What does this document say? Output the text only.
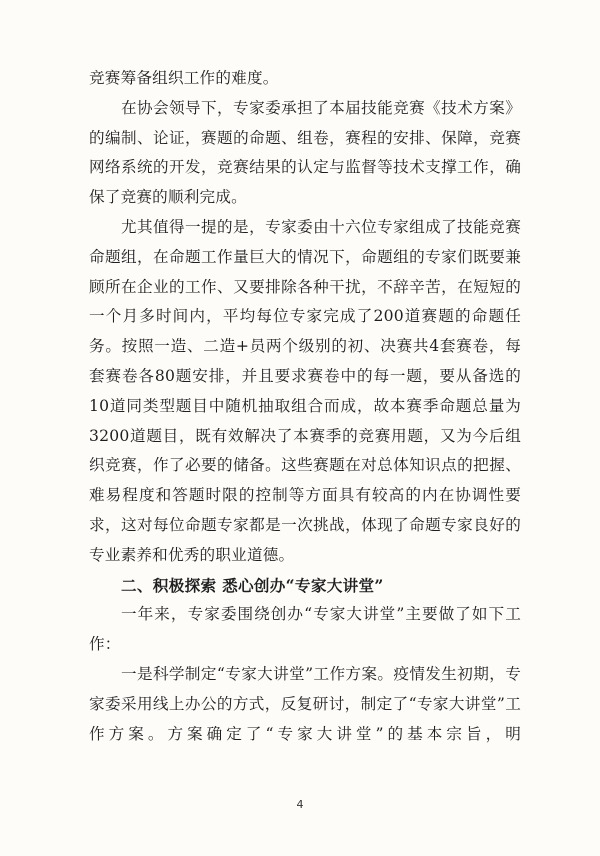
竞赛筹备组织工作的难度。

在协会领导下，专家委承担了本届技能竞赛《技术方案》的编制、论证，赛题的命题、组卷，赛程的安排、保障，竞赛网络系统的开发，竞赛结果的认定与监督等技术支撑工作，确保了竞赛的顺利完成。

尤其值得一提的是，专家委由十六位专家组成了技能竞赛命题组，在命题工作量巨大的情况下，命题组的专家们既要兼顾所在企业的工作、又要排除各种干扰，不辞辛苦，在短短的一个月多时间内，平均每位专家完成了200道赛题的命题任务。按照一造、二造+员两个级别的初、决赛共4套赛卷，每套赛卷各80题安排，并且要求赛卷中的每一题，要从备选的10道同类型题目中随机抽取组合而成，故本赛季命题总量为3200道题目，既有效解决了本赛季的竞赛用题，又为今后组织竞赛，作了必要的储备。这些赛题在对总体知识点的把握、难易程度和答题时限的控制等方面具有较高的内在协调性要求，这对每位命题专家都是一次挑战，体现了命题专家良好的专业素养和优秀的职业道德。

二、积极探索 悉心创办“专家大讲堂”

一年来，专家委围绕创办“专家大讲堂”主要做了如下工作：

一是科学制定“专家大讲堂”工作方案。疫情发生初期，专家委采用线上办公的方式，反复研讨，制定了“专家大讲堂”工作方案。方案确定了“专家大讲堂”的基本宗旨，明

4
